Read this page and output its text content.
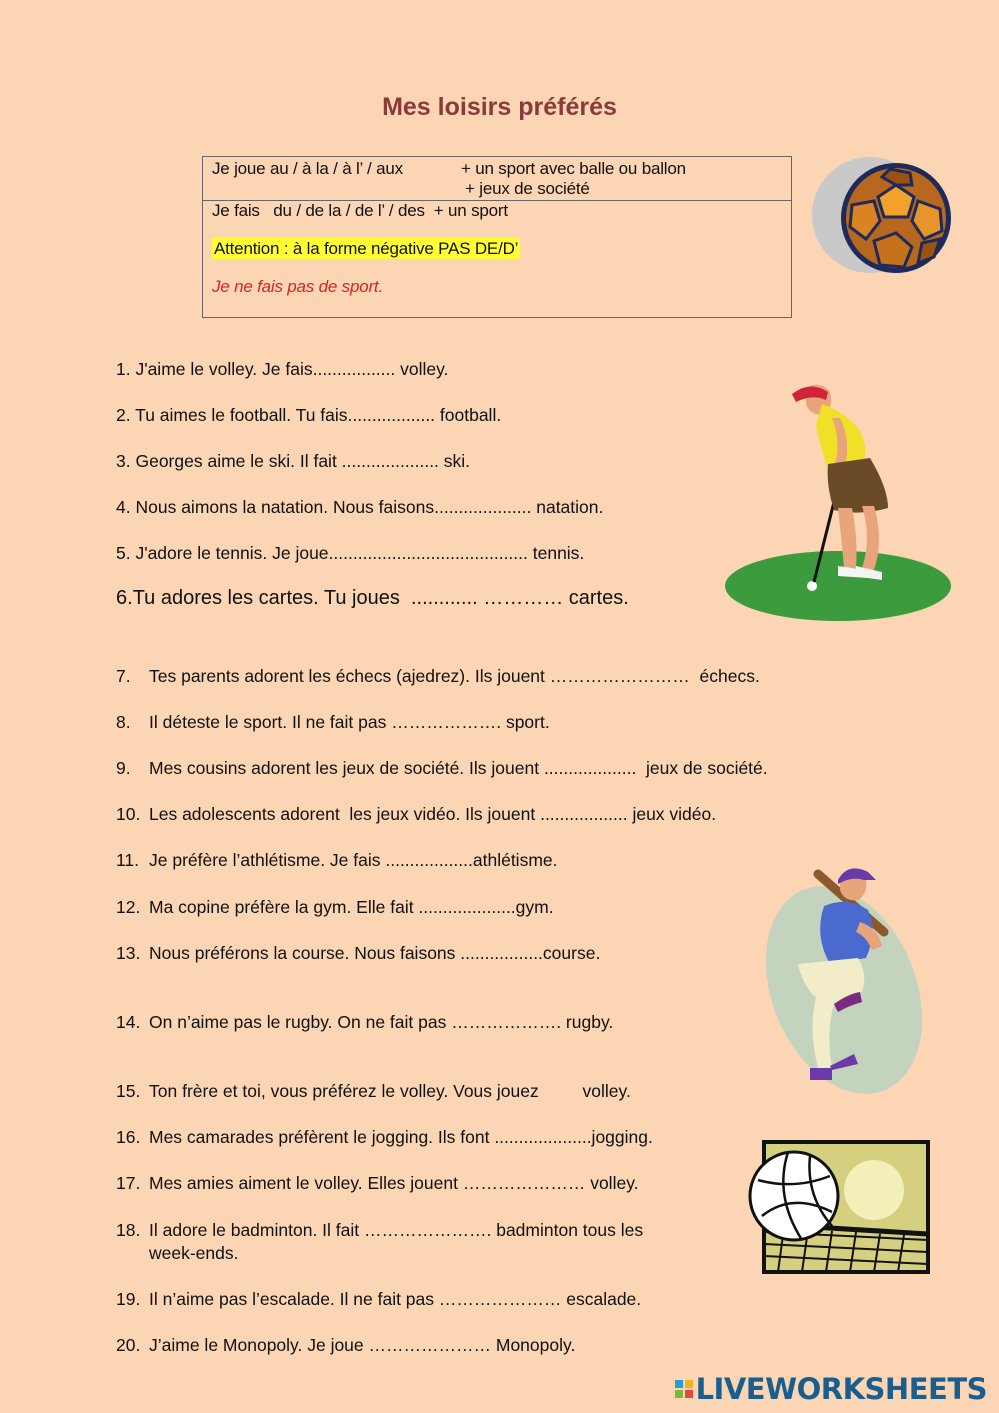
Mes loisirs préférés
Je joue au / à la / à l’ / aux	+ un sport avec balle ou ballon
+ jeux de société
Je fais   du / de la / de l’ / des  + un sport
Attention : à la forme négative PAS DE/D’
Je ne fais pas de sport.
1. J'aime le volley. Je fais................. volley.
2. Tu aimes le football. Tu fais.................. football.
3. Georges aime le ski. Il fait .................... ski.
4. Nous aimons la natation. Nous faisons.................... natation.
5. J'adore le tennis. Je joue......................................... tennis.
6.Tu adores les cartes. Tu joues  ............ ………… cartes.
7. Tes parents adorent les échecs (ajedrez). Ils jouent ……………………  échecs.
8. Il déteste le sport. Il ne fait pas ………………. sport.
9. Mes cousins adorent les jeux de société. Ils jouent ...................  jeux de société.
10. Les adolescents adorent  les jeux vidéo. Ils jouent .................. jeux vidéo.
11. Je préfère l’athlétisme. Je fais ..................athlétisme.
12. Ma copine préfère la gym. Elle fait ....................gym.
13. Nous préférons la course. Nous faisons .................course.
14. On n’aime pas le rugby. On ne fait pas ………………. rugby.
15. Ton frère et toi, vous préférez le volley. Vous jouez         volley.
16. Mes camarades préfèrent le jogging. Ils font ....................jogging.
17. Mes amies aiment le volley. Elles jouent ………………… volley.
18. Il adore le badminton. Il fait …………………. badminton tous les
week-ends.
19. Il n’aime pas l’escalade. Il ne fait pas ………………… escalade.
20. J’aime le Monopoly. Je joue ………………… Monopoly.
LIVEWORKSHEETS
